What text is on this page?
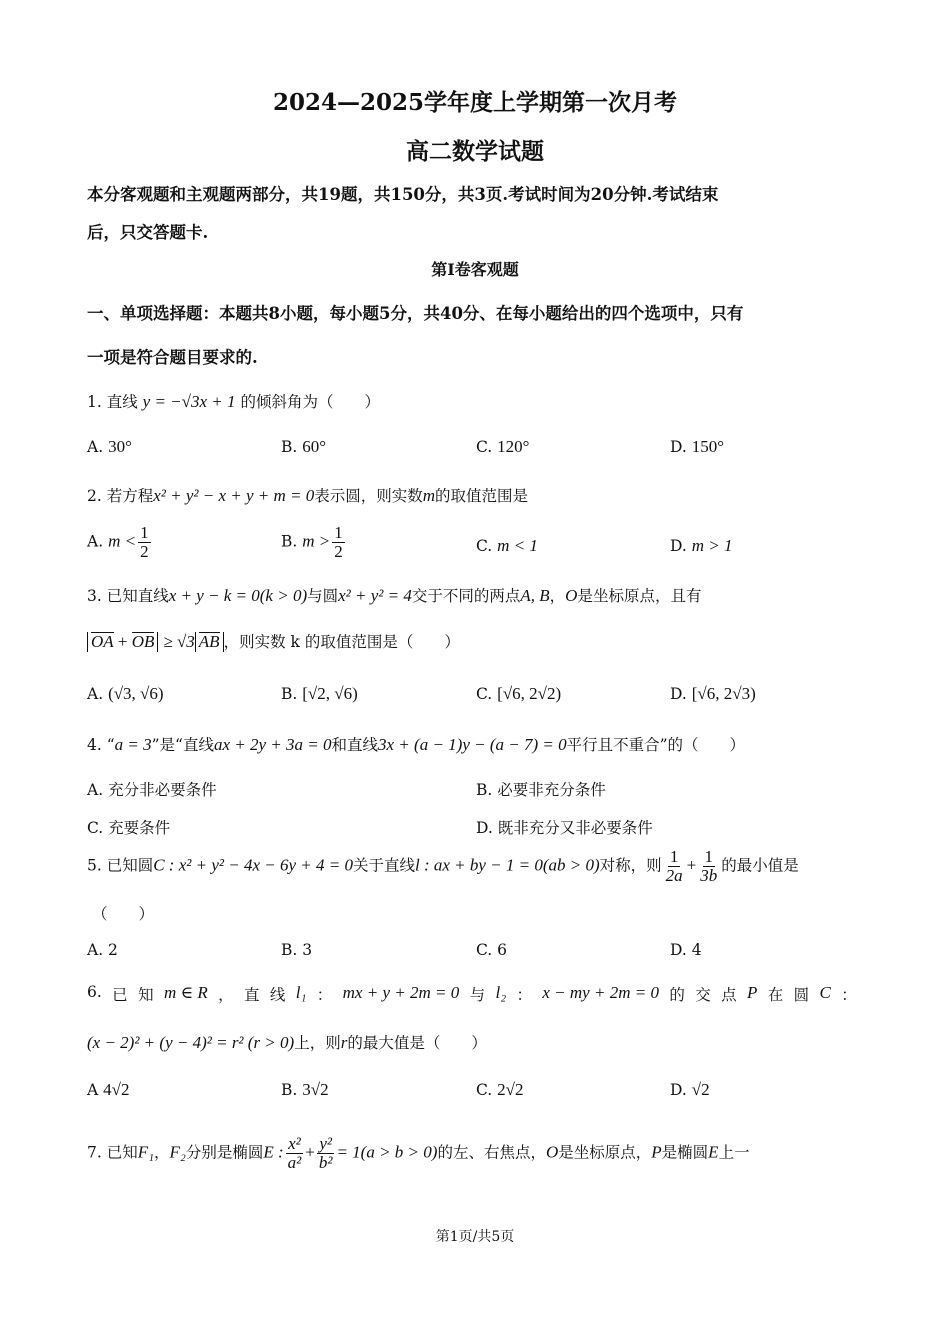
2024—2025学年度上学期第一次月考
高二数学试题
本分客观题和主观题两部分，共19题，共150分，共3页.考试时间为20分钟.考试结束
后，只交答题卡.
第I卷客观题
一、单项选择题：本题共8小题，每小题5分，共40分、在每小题给出的四个选项中，只有
一项是符合题目要求的.
1. 直线 y = −√3x + 1 的倾斜角为（　　）
A. 30°	B. 60°	C. 120°	D. 150°
2. 若方程x² + y² − x + y + m = 0表示圆，则实数m的取值范围是
A. $m < \frac{1}{2}$	B. $m > \frac{1}{2}$	C. m < 1	D. m > 1
3. 已知直线x + y − k = 0(k > 0)与圆x² + y² = 4交于不同的两点A, B，O是坐标原点，且有
OA + OB ≥ √3 AB ，则实数 k 的取值范围是（　　）
A. (√3, √6)	B. [√2, √6)	C. [√6, 2√2)	D. [√6, 2√3)
4. “a = 3”是“直线ax + 2y + 3a = 0和直线3x + (a − 1)y − (a − 7) = 0平行且不重合”的（　　）
A. 充分非必要条件	B. 必要非充分条件
C. 充要条件	D. 既非充分又非必要条件
5. 已知圆C : x² + y² − 4x − 6y + 4 = 0关于直线l : ax + by − 1 = 0(ab > 0)对称，则 $\frac{1}{2a} + \frac{1}{3b}$ 的最小值是
（　　）
A. 2	B. 3	C. 6	D. 4
6. 已 知 m ∈ R ， 直 线 l₁ ： mx + y + 2m = 0 与 l₂ ： x − my + 2m = 0 的 交 点 P 在 圆 C ：
(x − 2)² + (y − 4)² = r² (r > 0)上，则r的最大值是（　　）
A 4√2	B. 3√2	C. 2√2	D. √2
7. 已知F₁，F₂分别是椭圆E : $\frac{\text{x²}}{\text{a²}} + \frac{\text{y²}}{\text{b²}} = 1(a > b > 0)$的左、右焦点，O是坐标原点，P是椭圆E上一
第1页/共5页
